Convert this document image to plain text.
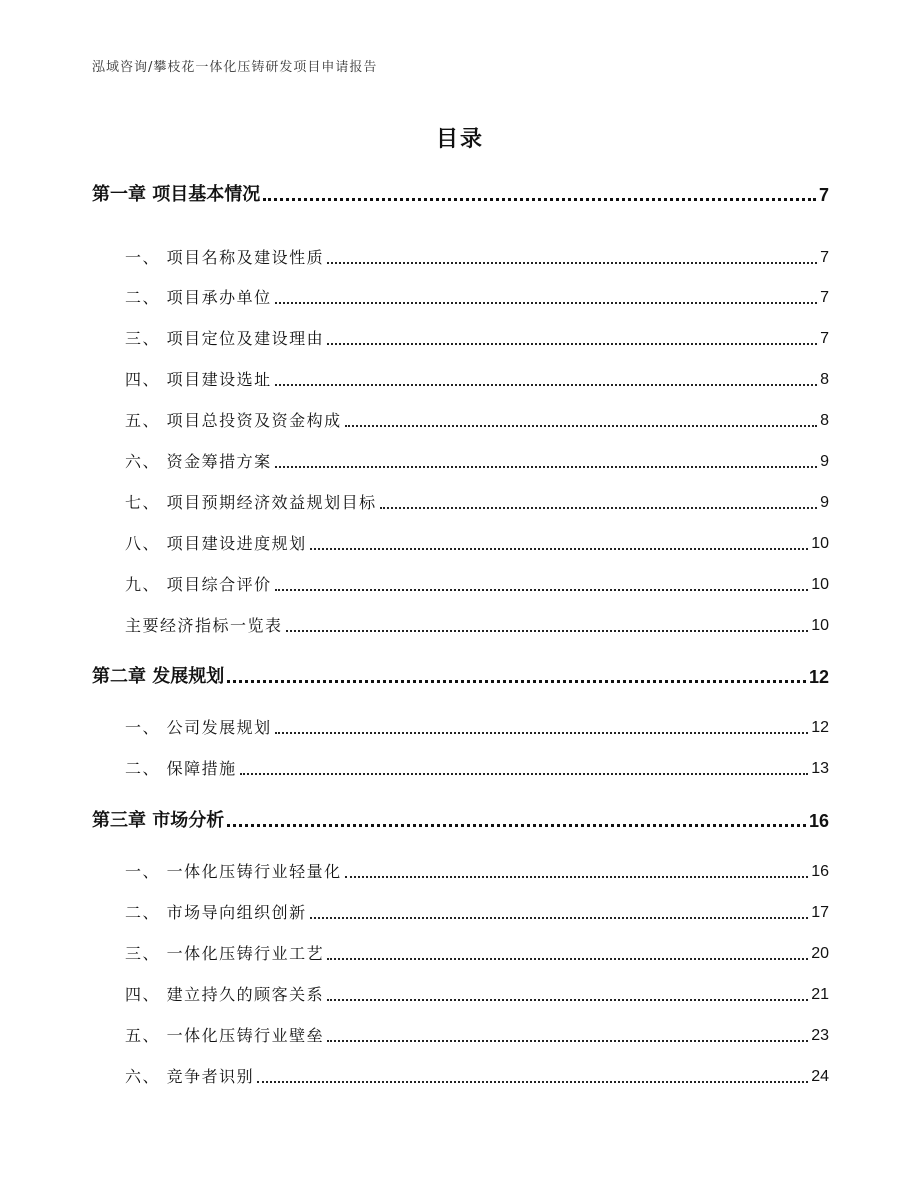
泓域咨询/攀枝花一体化压铸研发项目申请报告
目录
第一章 项目基本情况	7
一、 项目名称及建设性质	7
二、 项目承办单位	7
三、 项目定位及建设理由	7
四、 项目建设选址	8
五、 项目总投资及资金构成	8
六、 资金筹措方案	9
七、 项目预期经济效益规划目标	9
八、 项目建设进度规划	10
九、 项目综合评价	10
主要经济指标一览表	10
第二章 发展规划	12
一、 公司发展规划	12
二、 保障措施	13
第三章 市场分析	16
一、 一体化压铸行业轻量化	16
二、 市场导向组织创新	17
三、 一体化压铸行业工艺	20
四、 建立持久的顾客关系	21
五、 一体化压铸行业壁垒	23
六、 竞争者识别	24
